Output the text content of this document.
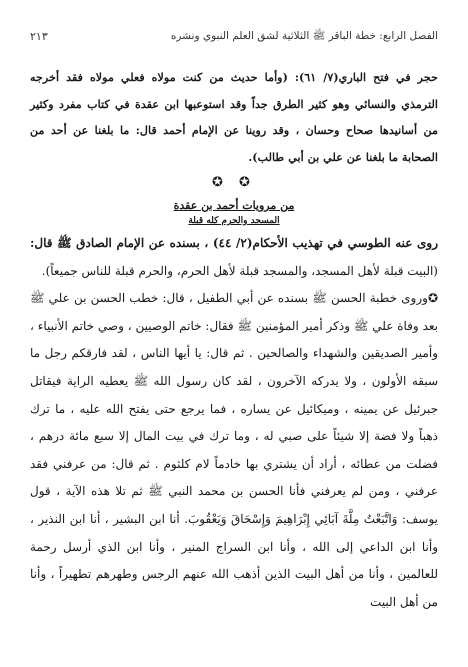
الفصل الرابع: خطة الباقر ﷺ الثلاثية لشق العلم النبوي ونشره
٢١٣

حجر في فتح الباري(٧/ ٦١): (وأما حديث من كنت مولاه فعلي مولاه فقد أخرجه الترمذي والنسائي وهو كثير الطرق جداً وقد استوعبها ابن عقدة في كتاب مفرد وكثير من أسانيدها صحاح وحسان ، وقد روينا عن الإمام أحمد قال: ما بلغنا عن أحد من الصحابة ما بلغنا عن علي بن أبي طالب).

✪ ✪
من مرويات أحمد بن عقدة
المسجد والحرم كله قبلة

روى عنه الطوسي في تهذيب الأحكام(٢/ ٤٤) ، بسنده عن الإمام الصادق ﷺ قال: (البيت قبلة لأهل المسجد، والمسجد قبلة لأهل الحرم، والحرم قبلة للناس جميعاً).

✪وروى خطبة الحسن ﷺ بسنده عن أبي الطفيل ، قال: خطب الحسن بن علي ﷺ بعد وفاة علي ﷺ وذكر أمير المؤمنين ﷺ فقال: خاتم الوصيين ، وصي خاتم الأنبياء ، وأمير الصديقين والشهداء والصالحين . ثم قال: يا أيها الناس ، لقد فارقكم رجل ما سبقه الأولون ، ولا يدركه الآخرون ، لقد كان رسول الله ﷺ يعطيه الراية فيقاتل جبرئيل عن يمينه ، وميكائيل عن يساره ، فما يرجع حتى يفتح الله عليه ، ما ترك ذهباً ولا فضة إلا شيئاً على صبي له ، وما ترك في بيت المال إلا سبع مائة درهم ، فضلت من عطائه ، أراد أن يشتري بها خادماً لام كلثوم . ثم قال: من عرفني فقد عرفني ، ومن لم يعرفني فأنا الحسن بن محمد النبي ﷺ ثم تلا هذه الآية ، قول يوسف: وَاتَّبَعْتُ مِلَّةَ آبَائِي إِبْرَاهِيمَ وَإِسْحَاقَ وَيَعْقُوبَ. أنا ابن البشير ، أنا ابن النذير ، وأنا ابن الداعي إلى الله ، وأنا ابن السراج المنير ، وأنا ابن الذي أرسل رحمة للعالمين ، وأنا من أهل البيت الذين أذهب الله عنهم الرجس وطهرهم تطهيراً ، وأنا من أهل البيت
